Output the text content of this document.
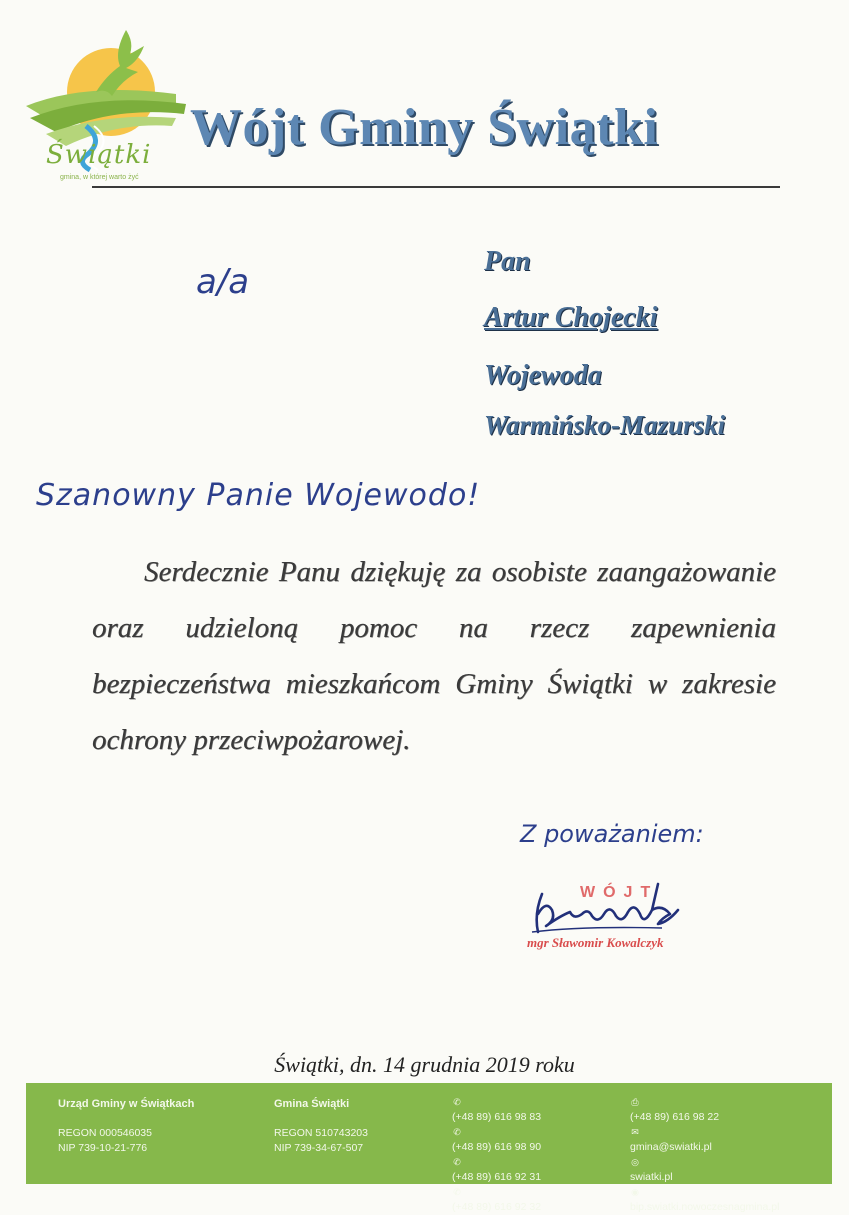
Świątki
gmina, w której warto żyć
Wójt Gminy Świątki
a/a
Pan
Artur Chojecki
Wojewoda
Warmińsko-Mazurski
Szanowny Panie Wojewodo!
Serdecznie Panu dziękuję za osobiste zaangażowanie oraz udzieloną pomoc na rzecz zapewnienia bezpieczeństwa mieszkańcom Gminy Świątki w zakresie ochrony przeciwpożarowej.
Z poważaniem:
WÓJT
mgr Sławomir Kowalczyk
Świątki, dn. 14 grudnia 2019 roku
Urząd Gminy w Świątkach
REGON 000546035
NIP 739-10-21-776
Gmina Świątki
REGON 510743203
NIP 739-34-67-507
✆
(+48 89) 616 98 83
✆
(+48 89) 616 98 90
✆
(+48 89) 616 92 31
✆
(+48 89) 616 92 32
⎙
(+48 89) 616 98 22
✉
gmina@swiatki.pl
◎
swiatki.pl
◉
bip.swiatki.nowoczesnagmina.pl
